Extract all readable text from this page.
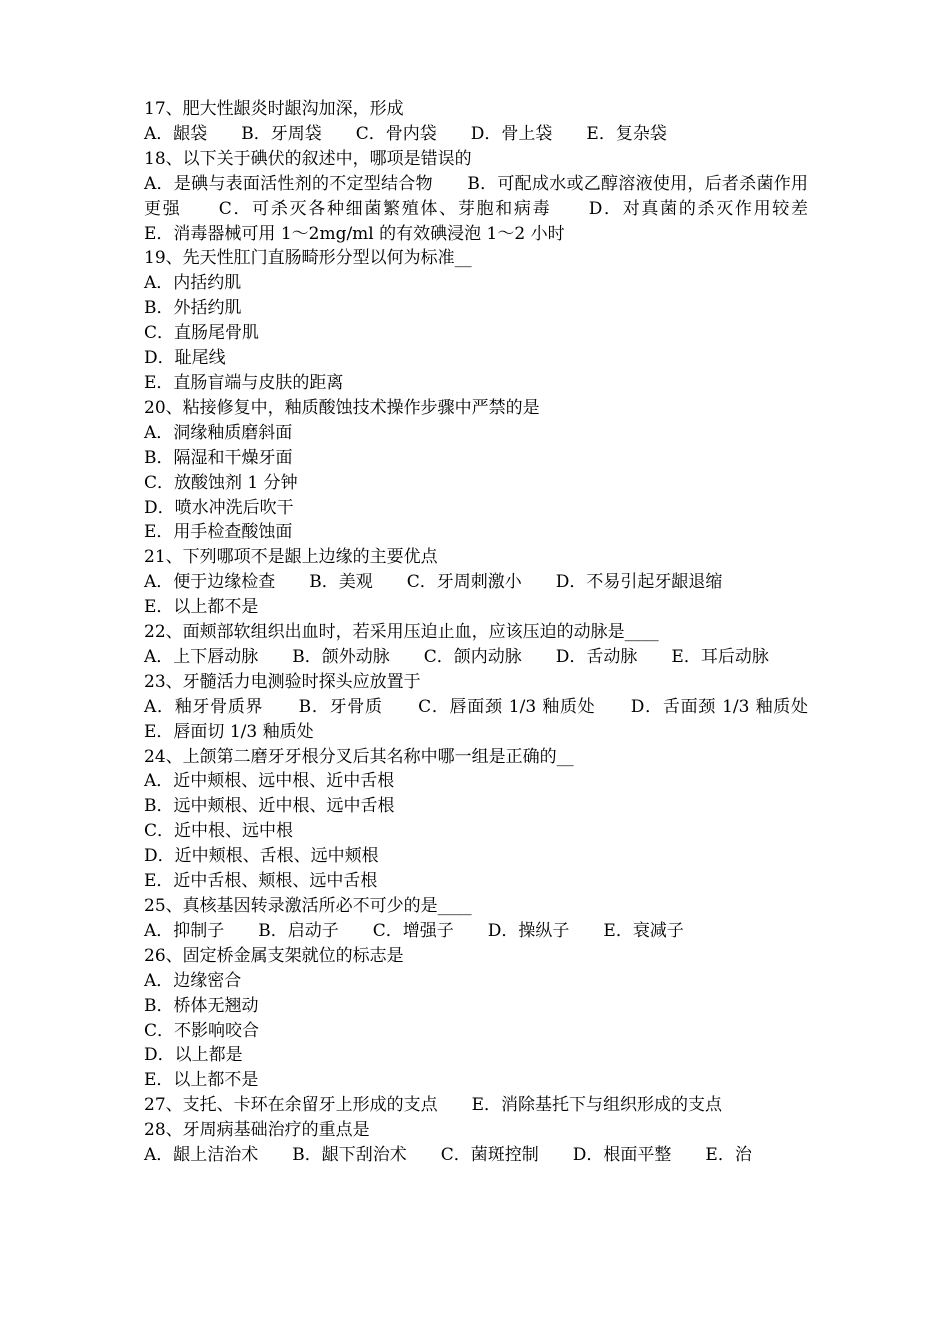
17、肥大性龈炎时龈沟加深，形成
A．龈袋　　B．牙周袋　　C．骨内袋　　D．骨上袋　　E．复杂袋
18、以下关于碘伏的叙述中，哪项是错误的
A．是碘与表面活性剂的不定型结合物　　B．可配成水或乙醇溶液使用，后者杀菌作用更强　　C．可杀灭各种细菌繁殖体、芽胞和病毒　　D．对真菌的杀灭作用较差　　E．消毒器械可用 1～2mg/ml 的有效碘浸泡 1～2 小时
19、先天性肛门直肠畸形分型以何为标准__
A．内括约肌
B．外括约肌
C．直肠尾骨肌
D．耻尾线
E．直肠盲端与皮肤的距离
20、粘接修复中，釉质酸蚀技术操作步骤中严禁的是
A．洞缘釉质磨斜面
B．隔湿和干燥牙面
C．放酸蚀剂 1 分钟
D．喷水冲洗后吹干
E．用手检查酸蚀面
21、下列哪项不是龈上边缘的主要优点
A．便于边缘检查　　B．美观　　C．牙周刺激小　　D．不易引起牙龈退缩
E．以上都不是
22、面颊部软组织出血时，若采用压迫止血，应该压迫的动脉是____
A．上下唇动脉　　B．颌外动脉　　C．颌内动脉　　D．舌动脉　　E．耳后动脉
23、牙髓活力电测验时探头应放置于
A．釉牙骨质界　　B．牙骨质　　C．唇面颈 1/3 釉质处　　D．舌面颈 1/3 釉质处　　E．唇面切 1/3 釉质处
24、上颌第二磨牙牙根分叉后其名称中哪一组是正确的__
A．近中颊根、远中根、近中舌根
B．远中颊根、近中根、远中舌根
C．近中根、远中根
D．近中颊根、舌根、远中颊根
E．近中舌根、颊根、远中舌根
25、真核基因转录激活所必不可少的是____
A．抑制子　　B．启动子　　C．增强子　　D．操纵子　　E．衰减子
26、固定桥金属支架就位的标志是
A．边缘密合
B．桥体无翘动
C．不影响咬合
D．以上都是
E．以上都不是
27、支托、卡环在余留牙上形成的支点　　E．消除基托下与组织形成的支点
28、牙周病基础治疗的重点是
A．龈上洁治术　　B．龈下刮治术　　C．菌斑控制　　D．根面平整　　E．治
